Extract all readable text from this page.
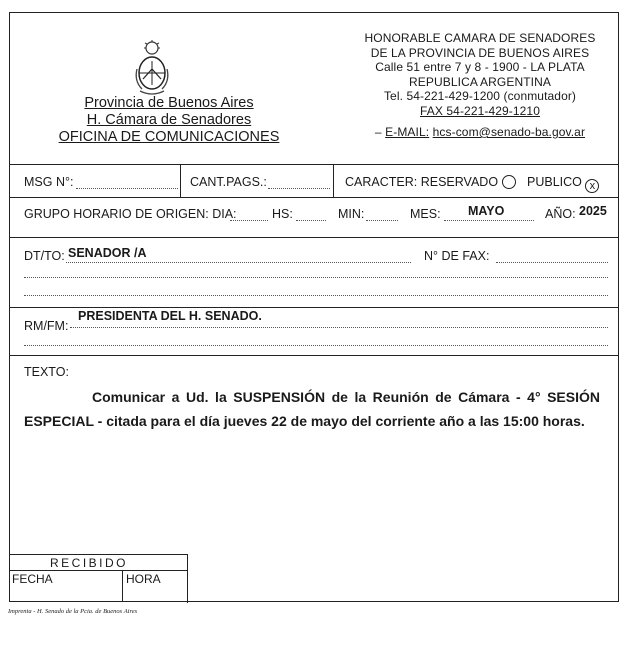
Provincia de Buenos Aires
H. Cámara de Senadores
OFICINA DE COMUNICACIONES
HONORABLE CAMARA DE SENADORES
DE LA PROVINCIA DE BUENOS AIRES
Calle 51 entre 7 y 8 - 1900 - LA PLATA
REPUBLICA ARGENTINA
Tel. 54-221-429-1200 (conmutador)
FAX 54-221-429-1210
– E-MAIL: hcs-com@senado-ba.gov.ar
MSG N°:	CANT.PAGS.:	CARACTER: RESERVADO	PUBLICO x
GRUPO HORARIO DE ORIGEN: DIA:	HS:	MIN:	MES: MAYO	AÑO: 2025
DT/TO: SENADOR /A	N° DE FAX:
RM/FM:
PRESIDENTA DEL H. SENADO.
TEXTO:
Comunicar a Ud. la SUSPENSIÓN de la Reunión de Cámara - 4° SESIÓN ESPECIAL - citada para el día jueves 22 de mayo del corriente año a las 15:00 horas.
RECIBIDO
FECHA	HORA
Imprenta - H. Senado de la Pcia. de Buenos Aires
